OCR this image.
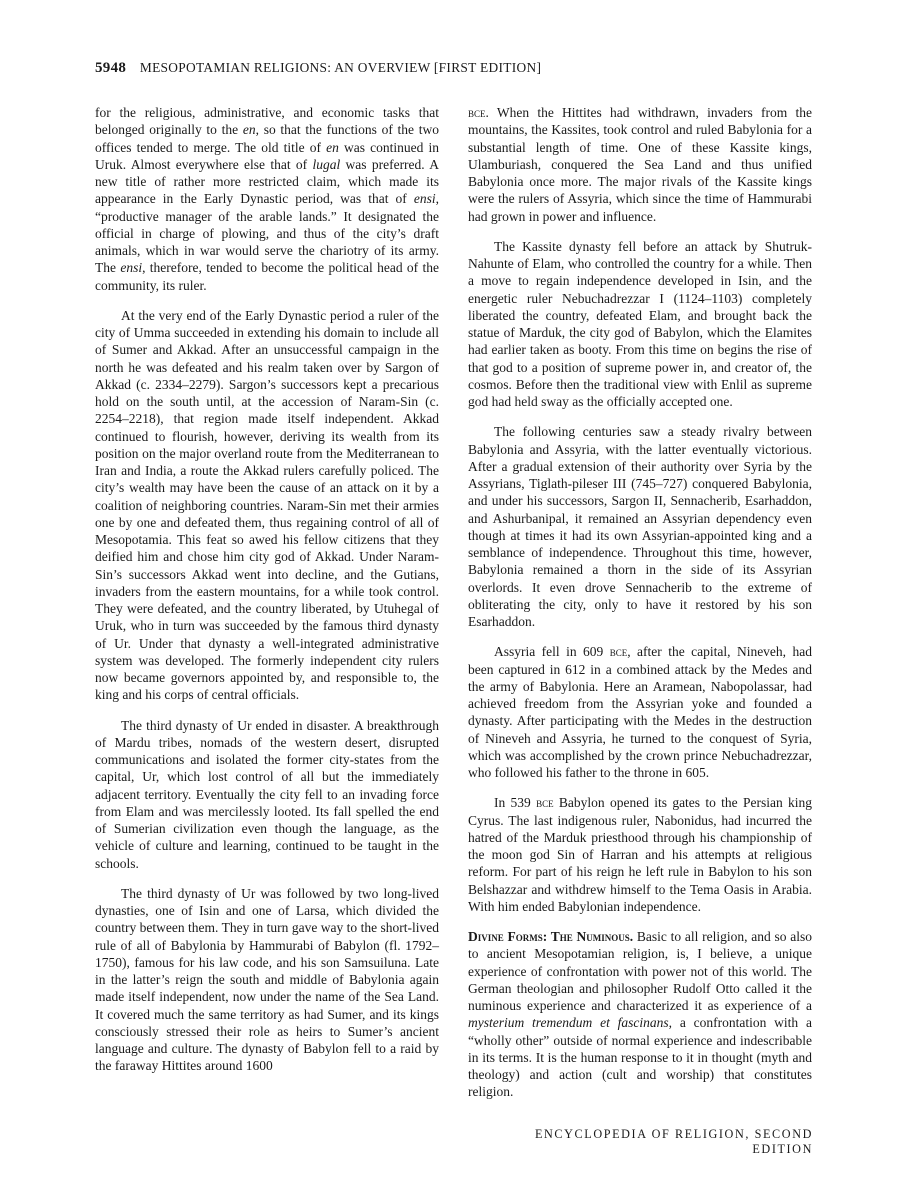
5948 MESOPOTAMIAN RELIGIONS: AN OVERVIEW [FIRST EDITION]

for the religious, administrative, and economic tasks that belonged originally to the en, so that the functions of the two offices tended to merge. The old title of en was continued in Uruk. Almost everywhere else that of lugal was preferred. A new title of rather more restricted claim, which made its appearance in the Early Dynastic period, was that of ensi, “productive manager of the arable lands.” It designated the official in charge of plowing, and thus of the city’s draft animals, which in war would serve the chariotry of its army. The ensi, therefore, tended to become the political head of the community, its ruler.

At the very end of the Early Dynastic period a ruler of the city of Umma succeeded in extending his domain to include all of Sumer and Akkad. After an unsuccessful campaign in the north he was defeated and his realm taken over by Sargon of Akkad (c. 2334–2279). Sargon’s successors kept a precarious hold on the south until, at the accession of Naram-Sin (c. 2254–2218), that region made itself independent. Akkad continued to flourish, however, deriving its wealth from its position on the major overland route from the Mediterranean to Iran and India, a route the Akkad rulers carefully policed. The city’s wealth may have been the cause of an attack on it by a coalition of neighboring countries. Naram-Sin met their armies one by one and defeated them, thus regaining control of all of Mesopotamia. This feat so awed his fellow citizens that they deified him and chose him city god of Akkad. Under Naram-Sin’s successors Akkad went into decline, and the Gutians, invaders from the eastern mountains, for a while took control. They were defeated, and the country liberated, by Utuhegal of Uruk, who in turn was succeeded by the famous third dynasty of Ur. Under that dynasty a well-integrated administrative system was developed. The formerly independent city rulers now became governors appointed by, and responsible to, the king and his corps of central officials.

The third dynasty of Ur ended in disaster. A breakthrough of Mardu tribes, nomads of the western desert, disrupted communications and isolated the former city-states from the capital, Ur, which lost control of all but the immediately adjacent territory. Eventually the city fell to an invading force from Elam and was mercilessly looted. Its fall spelled the end of Sumerian civilization even though the language, as the vehicle of culture and learning, continued to be taught in the schools.

The third dynasty of Ur was followed by two long-lived dynasties, one of Isin and one of Larsa, which divided the country between them. They in turn gave way to the short-lived rule of all of Babylonia by Hammurabi of Babylon (fl. 1792–1750), famous for his law code, and his son Samsuiluna. Late in the latter’s reign the south and middle of Babylonia again made itself independent, now under the name of the Sea Land. It covered much the same territory as had Sumer, and its kings consciously stressed their role as heirs to Sumer’s ancient language and culture. The dynasty of Babylon fell to a raid by the faraway Hittites around 1600

bce. When the Hittites had withdrawn, invaders from the mountains, the Kassites, took control and ruled Babylonia for a substantial length of time. One of these Kassite kings, Ulamburiash, conquered the Sea Land and thus unified Babylonia once more. The major rivals of the Kassite kings were the rulers of Assyria, which since the time of Hammurabi had grown in power and influence.

The Kassite dynasty fell before an attack by Shutruk-Nahunte of Elam, who controlled the country for a while. Then a move to regain independence developed in Isin, and the energetic ruler Nebuchadrezzar I (1124–1103) completely liberated the country, defeated Elam, and brought back the statue of Marduk, the city god of Babylon, which the Elamites had earlier taken as booty. From this time on begins the rise of that god to a position of supreme power in, and creator of, the cosmos. Before then the traditional view with Enlil as supreme god had held sway as the officially accepted one.

The following centuries saw a steady rivalry between Babylonia and Assyria, with the latter eventually victorious. After a gradual extension of their authority over Syria by the Assyrians, Tiglath-pileser III (745–727) conquered Babylonia, and under his successors, Sargon II, Sennacherib, Esarhaddon, and Ashurbanipal, it remained an Assyrian dependency even though at times it had its own Assyrian-appointed king and a semblance of independence. Throughout this time, however, Babylonia remained a thorn in the side of its Assyrian overlords. It even drove Sennacherib to the extreme of obliterating the city, only to have it restored by his son Esarhaddon.

Assyria fell in 609 bce, after the capital, Nineveh, had been captured in 612 in a combined attack by the Medes and the army of Babylonia. Here an Aramean, Nabopolassar, had achieved freedom from the Assyrian yoke and founded a dynasty. After participating with the Medes in the destruction of Nineveh and Assyria, he turned to the conquest of Syria, which was accomplished by the crown prince Nebuchadrezzar, who followed his father to the throne in 605.

In 539 bce Babylon opened its gates to the Persian king Cyrus. The last indigenous ruler, Nabonidus, had incurred the hatred of the Marduk priesthood through his championship of the moon god Sin of Harran and his attempts at religious reform. For part of his reign he left rule in Babylon to his son Belshazzar and withdrew himself to the Tema Oasis in Arabia. With him ended Babylonian independence.

Divine Forms: The Numinous. Basic to all religion, and so also to ancient Mesopotamian religion, is, I believe, a unique experience of confrontation with power not of this world. The German theologian and philosopher Rudolf Otto called it the numinous experience and characterized it as experience of a mysterium tremendum et fascinans, a confrontation with a “wholly other” outside of normal experience and indescribable in its terms. It is the human response to it in thought (myth and theology) and action (cult and worship) that constitutes religion.

ENCYCLOPEDIA OF RELIGION, SECOND EDITION
